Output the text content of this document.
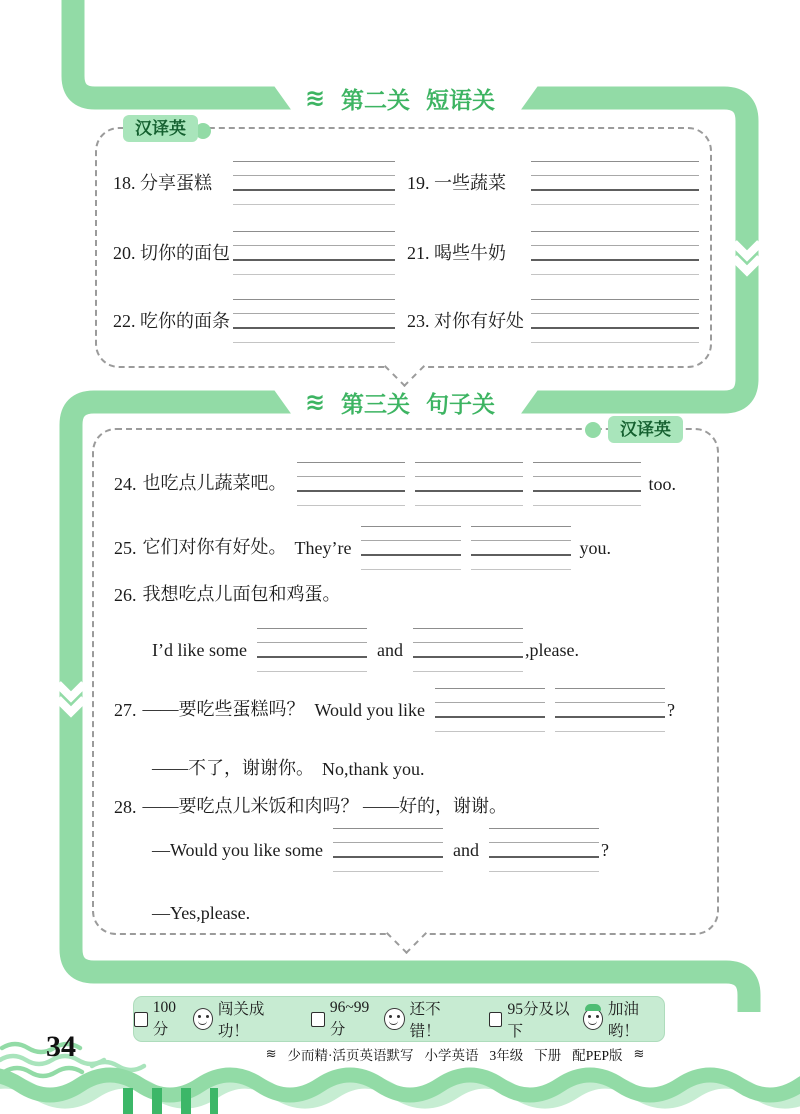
≋ 第二关 短语关
汉译英
18. 分享蛋糕	19. 一些蔬菜
20. 切你的面包	21. 喝些牛奶
22. 吃你的面条	23. 对你有好处
≋ 第三关 句子关
汉译英
24. 也吃点儿蔬菜吧。	too.
25. 它们对你有好处。 They’re	you.
26. 我想吃点儿面包和鸡蛋。
I’d like some	and	,please.
27. ——要吃些蛋糕吗？ Would you like	?
——不了，谢谢你。 No,thank you.
28. ——要吃点儿米饭和肉吗？ ——好的，谢谢。
—Would you like some	and	?
—Yes,please.
100分
闯关成功！
96~99分
还不错！
95分及以下
加油哟！
34	≋ 少而精·活页英语默写 小学英语 3年级 下册 配PEP版 ≋
